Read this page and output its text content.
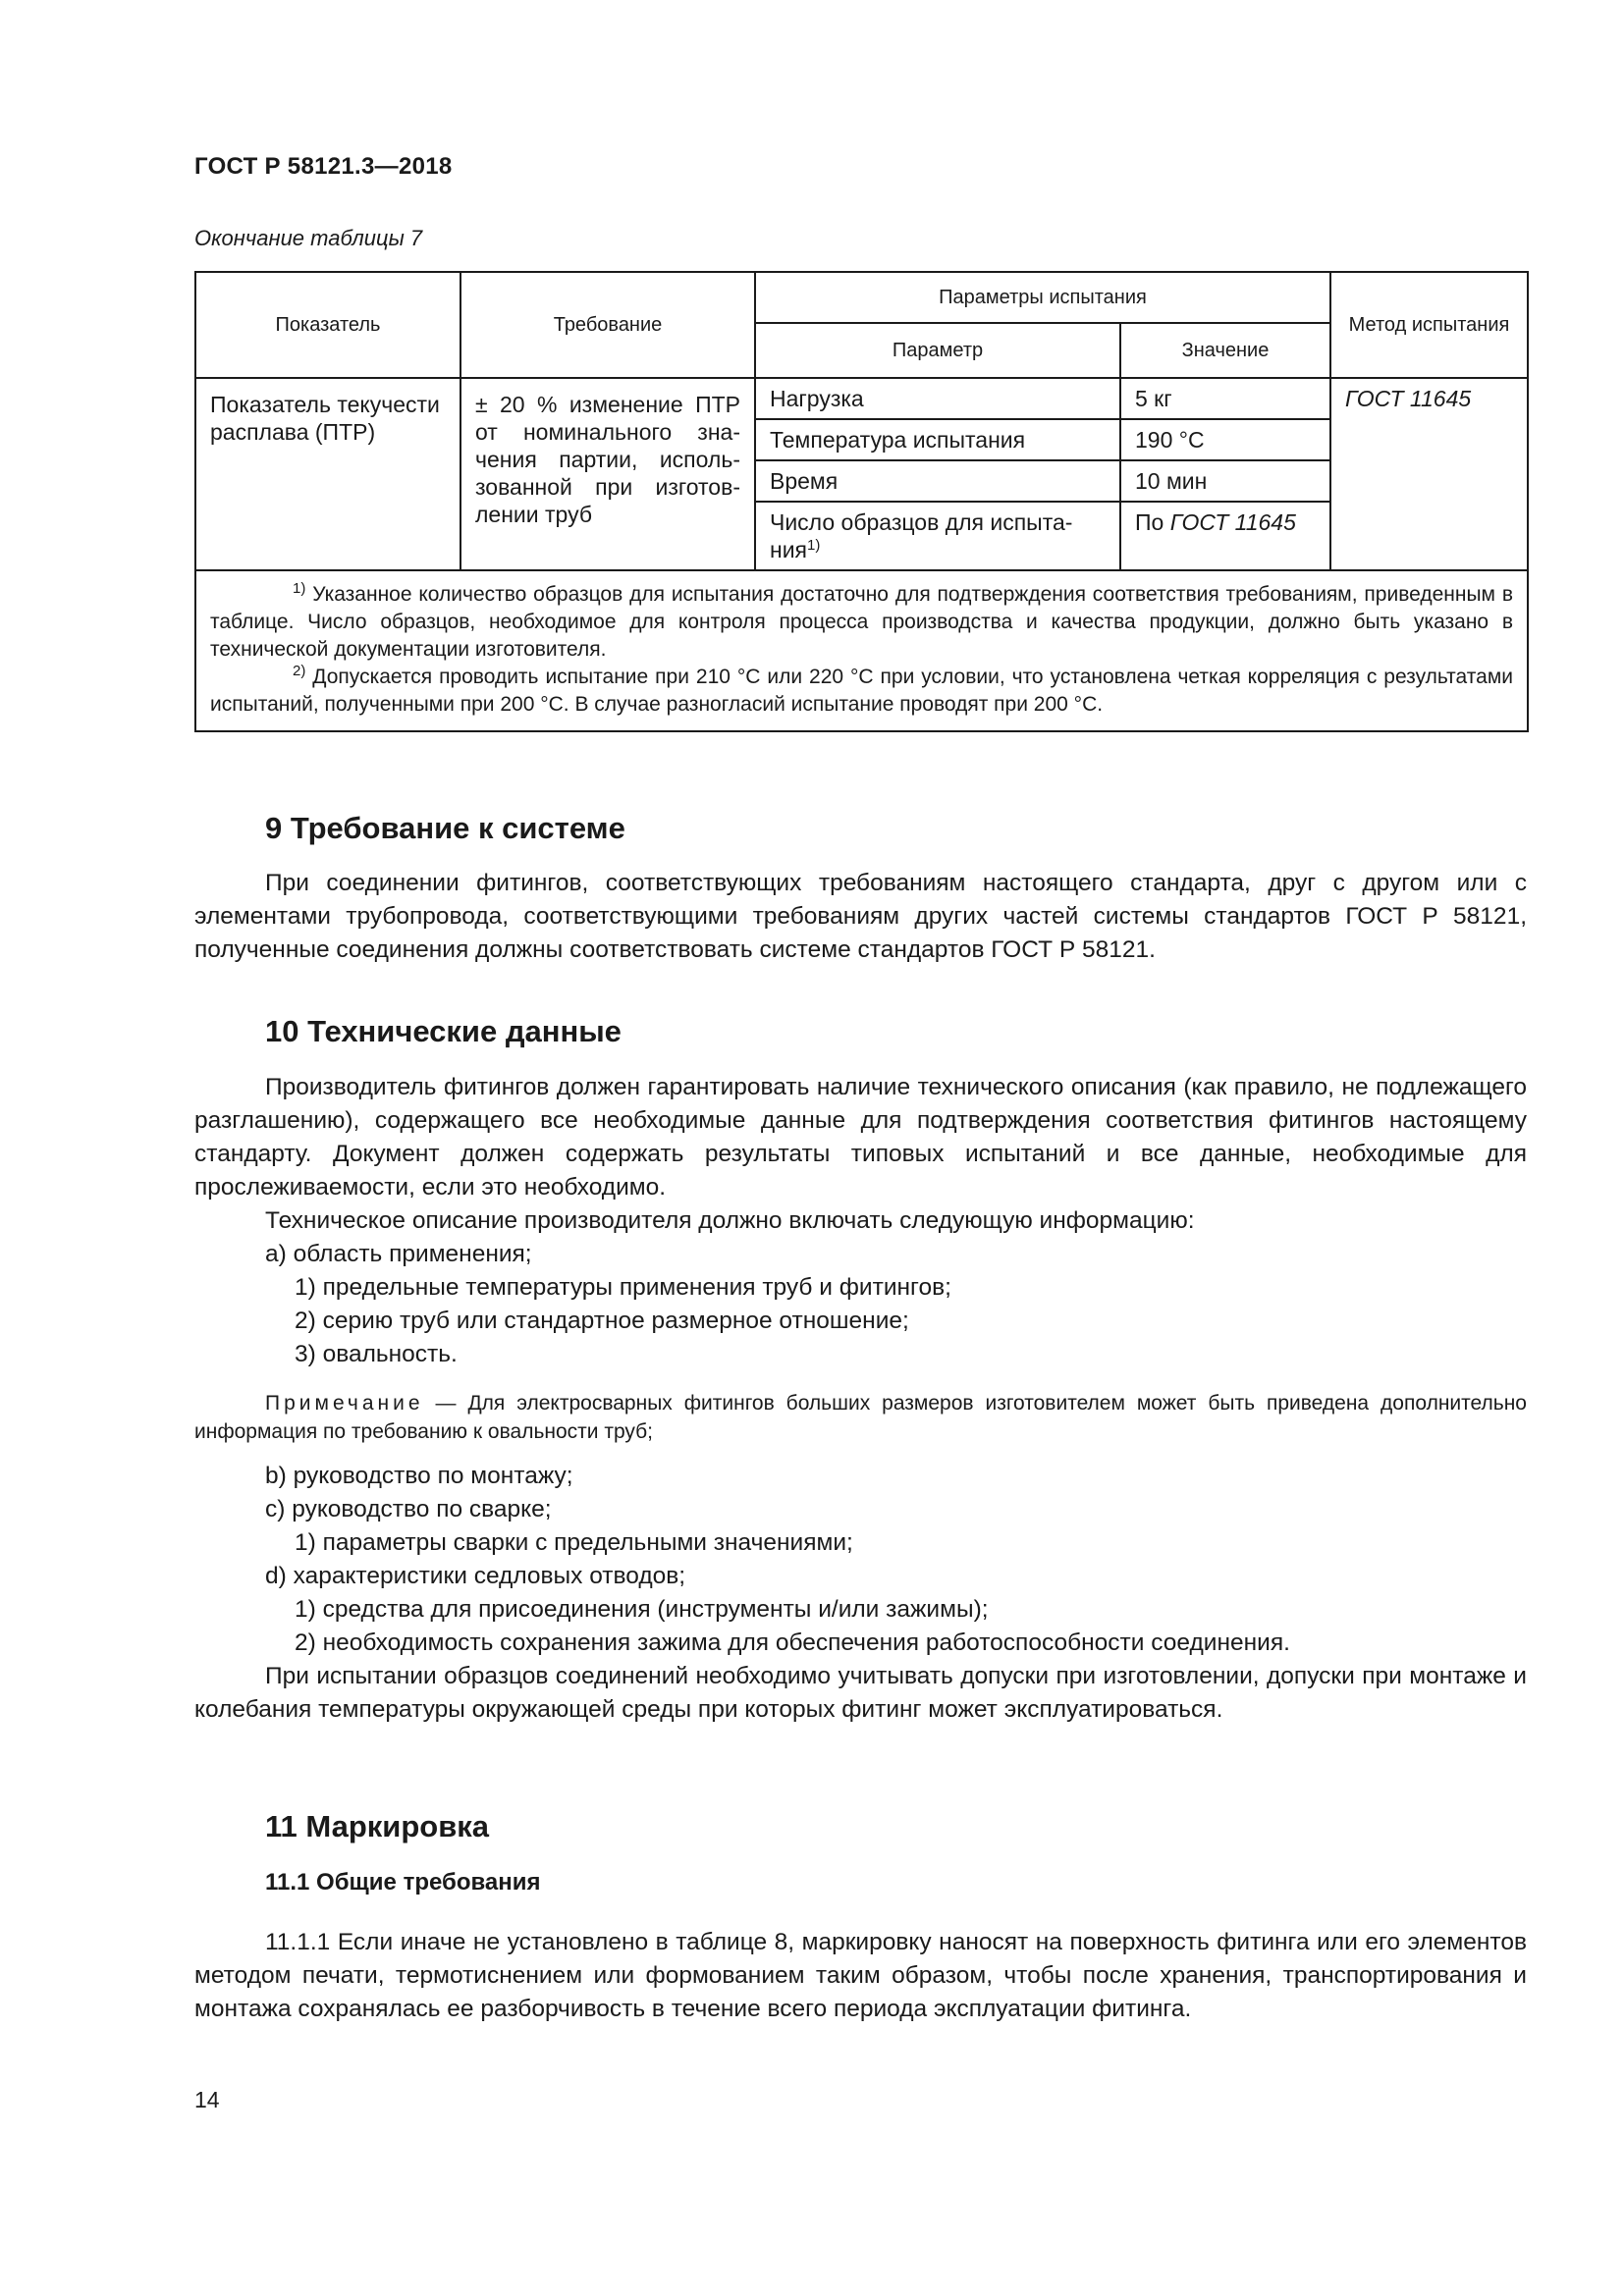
ГОСТ Р 58121.3—2018
Окончание таблицы 7
Показатель	Требование	Параметры испытания		Метод испытания
		Параметр	Значение	
Показатель текучести расплава (ПТР)	± 20 % изменение ПТР от номинального значения партии, использованной при изготовлении труб	Нагрузка	5 кг	ГОСТ 11645
		Температура испытания	190 °С	
		Время	10 мин	
		Число образцов для испытания$^{1)}$	По ГОСТ 11645	

$^{1)}$ Указанное количество образцов для испытания достаточно для подтверждения соответствия требованиям, приведенным в таблице. Число образцов, необходимое для контроля процесса производства и качества продукции, должно быть указано в технической документации изготовителя.

$^{2)}$ Допускается проводить испытание при 210 °С или 220 °С при условии, что установлена четкая корреляция с результатами испытаний, полученными при 200 °С. В случае разногласий испытание проводят при 200 °С.				

9 Требование к системе

При соединении фитингов, соответствующих требованиям настоящего стандарта, друг с другом или с элементами трубопровода, соответствующими требованиям других частей системы стандартов ГОСТ Р 58121, полученные соединения должны соответствовать системе стандартов ГОСТ Р 58121.

10 Технические данные

Производитель фитингов должен гарантировать наличие технического описания (как правило, не подлежащего разглашению), содержащего все необходимые данные для подтверждения соответствия фитингов настоящему стандарту. Документ должен содержать результаты типовых испытаний и все данные, необходимые для прослеживаемости, если это необходимо.

Техническое описание производителя должно включать следующую информацию:
a) область применения;
1) предельные температуры применения труб и фитингов;
2) серию труб или стандартное размерное отношение;
3) овальность.

Примечание — Для электросварных фитингов больших размеров изготовителем может быть приведена дополнительно информация по требованию к овальности труб;

b) руководство по монтажу;
c) руководство по сварке;
1) параметры сварки с предельными значениями;
d) характеристики седловых отводов;
1) средства для присоединения (инструменты и/или зажимы);
2) необходимость сохранения зажима для обеспечения работоспособности соединения.

При испытании образцов соединений необходимо учитывать допуски при изготовлении, допуски при монтаже и колебания температуры окружающей среды при которых фитинг может эксплуатироваться.

11 Маркировка
11.1 Общие требования

11.1.1 Если иначе не установлено в таблице 8, маркировку наносят на поверхность фитинга или его элементов методом печати, термотиснением или формованием таким образом, чтобы после хранения, транспортирования и монтажа сохранялась ее разборчивость в течение всего периода эксплуатации фитинга.

14
